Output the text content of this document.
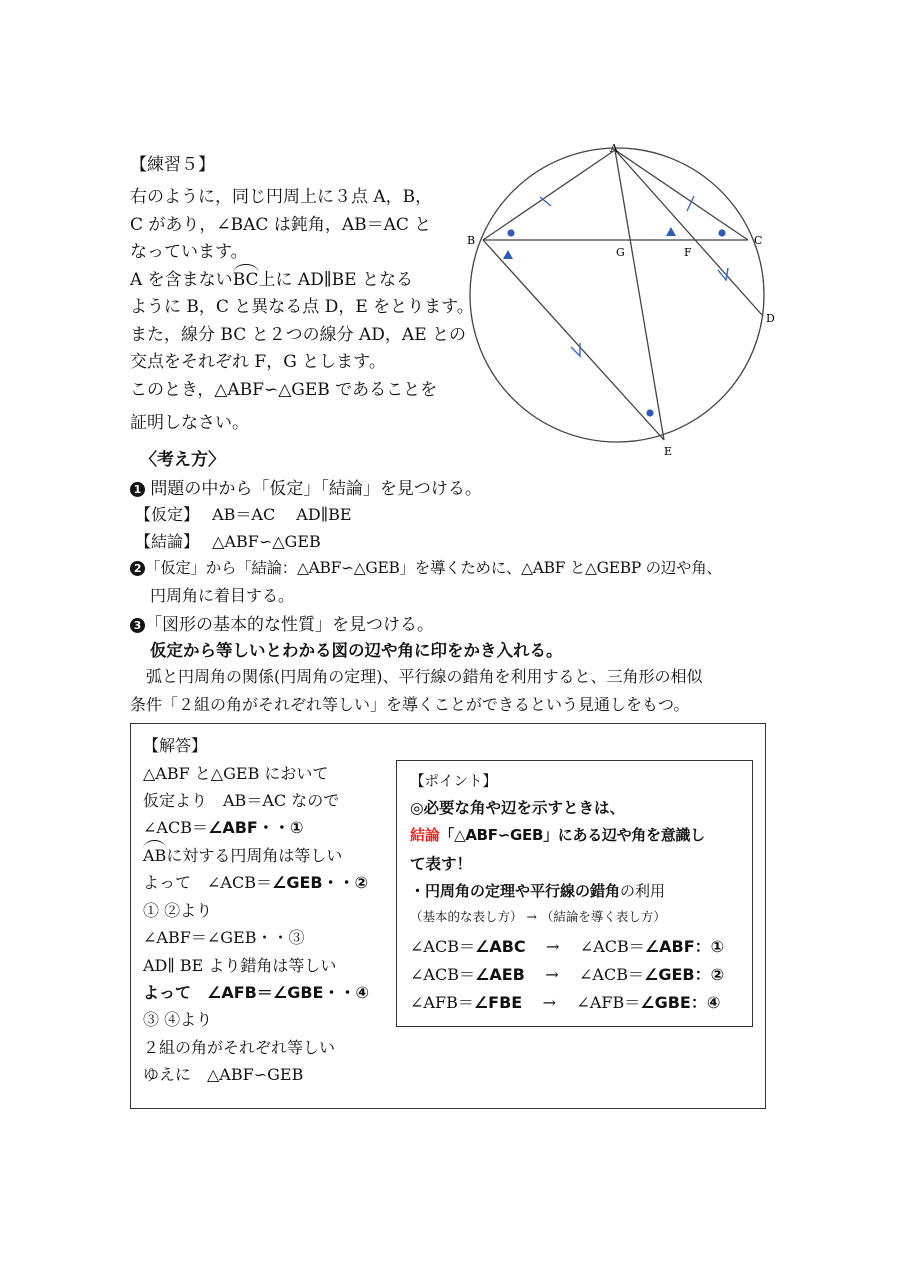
【練習５】
右のように，同じ円周上に３点 A，B，
C があり，∠BAC は鈍角，AB＝AC と
なっています。
A を含まないBC上に AD∥BE となる
ように B，C と異なる点 D，E をとります。
また，線分 BC と２つの線分 AD，AE との
交点をそれぞれ F，G とします。
このとき，△ABF∽△GEB であることを
証明しなさい。
A
B	C
D
E
F
G
〈考え方〉
1 問題の中から「仮定」「結論」を見つける。
【仮定】　 AB＝AC　 AD∥BE
【結論】　 △ABF∽△GEB
2 「仮定」から「結論：△ABF∽△GEB」を導くために、△ABF と△GEBP の辺や角、
円周角に着目する。
3 「図形の基本的な性質」を見つける。
仮定から等しいとわかる図の辺や角に印をかき入れる。
弧と円周角の関係(円周角の定理)、平行線の錯角を利用すると、三角形の相似
条件「２組の角がそれぞれ等しい」を導くことができるという見通しをもつ。
【解答】
△ABF と△GEB において
仮定より　AB＝AC なので
∠ACB＝∠ABF・・①
ABに対する円周角は等しい
よって　∠ACB＝∠GEB・・②
① ②より
∠ABF＝∠GEB・・③
AD∥ BE より錯角は等しい
よって　∠AFB＝∠GBE・・④
③ ④より
２組の角がそれぞれ等しい
ゆえに　△ABF∽GEB
【ポイント】
◎必要な角や辺を示すときは、
結論「△ABF∽GEB」にある辺や角を意識し
て表す！
・円周角の定理や平行線の錯角の利用
（基本的な表し方） → （結論を導く表し方）
∠ACB＝∠ABC → ∠ACB＝∠ABF：①
∠ACB＝∠AEB → ∠ACB＝∠GEB：②
∠AFB＝∠FBE → ∠AFB＝∠GBE：④
